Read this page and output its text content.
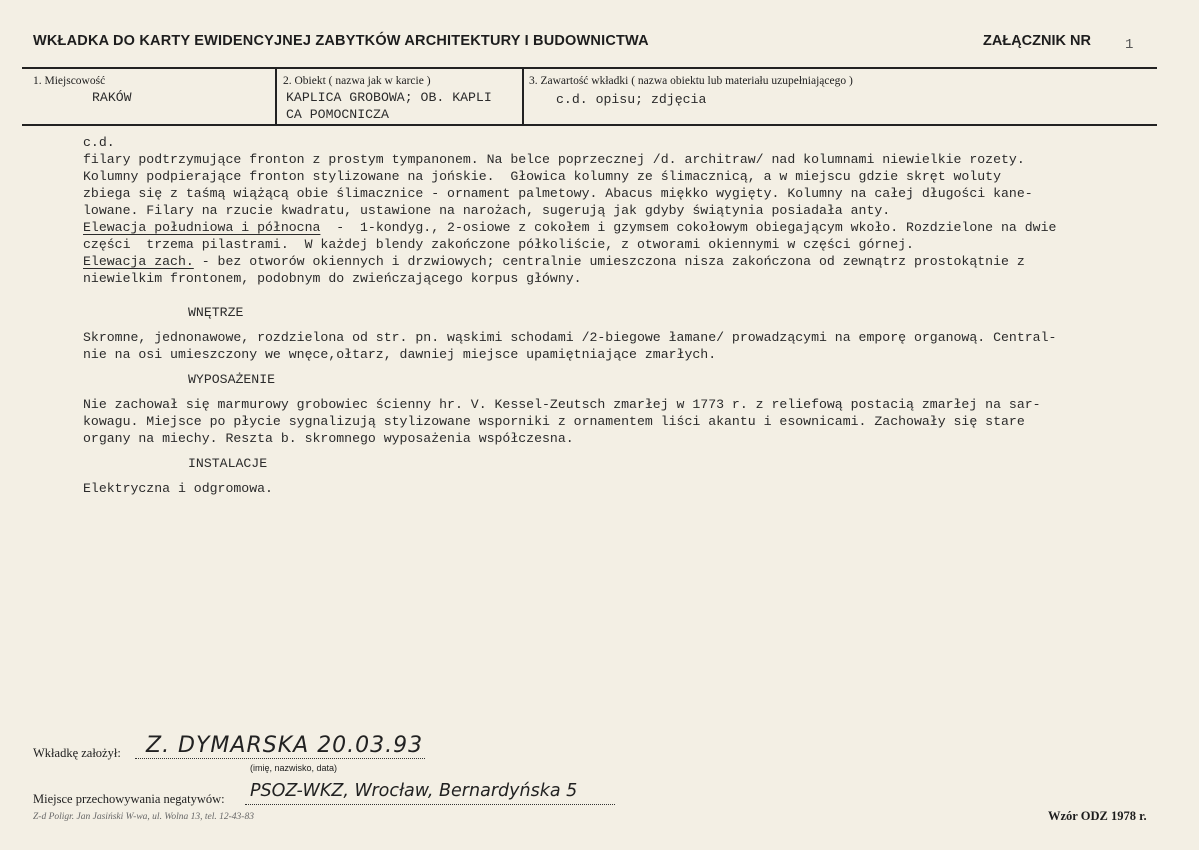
WKŁADKA DO KARTY EWIDENCYJNEJ ZABYTKÓW ARCHITEKTURY I BUDOWNICTWA	ZAŁĄCZNIK NR 1
1. Miejscowość
RAKÓW
2. Obiekt ( nazwa jak w karcie )
KAPLICA GROBOWA; OB. KAPLI
CA POMOCNICZA
3. Zawartość wkładki ( nazwa obiektu lub materiału uzupełniającego )
c.d. opisu; zdjęcia
c.d.
filary podtrzymujące fronton z prostym tympanonem. Na belce poprzecznej /d. architraw/ nad kolumnami niewielkie rozety.
Kolumny podpierające fronton stylizowane na jońskie.  Głowica kolumny ze ślimacznicą, a w miejscu gdzie skręt woluty
zbiega się z taśmą wiążącą obie ślimacznice - ornament palmetowy. Abacus miękko wygięty. Kolumny na całej długości kane-
lowane. Filary na rzucie kwadratu, ustawione na narożach, sugerują jak gdyby świątynia posiadała anty.
Elewacja południowa i północna  -  1-kondyg., 2-osiowe z cokołem i gzymsem cokołowym obiegającym wkoło. Rozdzielone na dwie
części  trzema pilastrami.  W każdej blendy zakończone półkoliście, z otworami okiennymi w części górnej.
Elewacja zach. - bez otworów okiennych i drzwiowych; centralnie umieszczona nisza zakończona od zewnątrz prostokątnie z
niewielkim frontonem, podobnym do zwieńczającego korpus główny.
WNĘTRZE
Skromne, jednonawowe, rozdzielona od str. pn. wąskimi schodami /2-biegowe łamane/ prowadzącymi na emporę organową. Central-
nie na osi umieszczony we wnęce,ołtarz, dawniej miejsce upamiętniające zmarłych.
WYPOSAŻENIE
Nie zachował się marmurowy grobowiec ścienny hr. V. Kessel-Zeutsch zmarłej w 1773 r. z reliefową postacią zmarłej na sar-
kowagu. Miejsce po płycie sygnalizują stylizowane wsporniki z ornamentem liści akantu i esownicami. Zachowały się stare
organy na miechy. Reszta b. skromnego wyposażenia współczesna.
INSTALACJE
Elektryczna i odgromowa.
Wkładkę założył: Z. DYMARSKA 20.03.93
(imię, nazwisko, data)
Miejsce przechowywania negatywów: PSOZ-WKZ, Wrocław, Bernardyńska 5
Z-d Poligr. Jan Jasiński W-wa, ul. Wolna 13, tel. 12-43-83	Wzór ODZ 1978 r.
